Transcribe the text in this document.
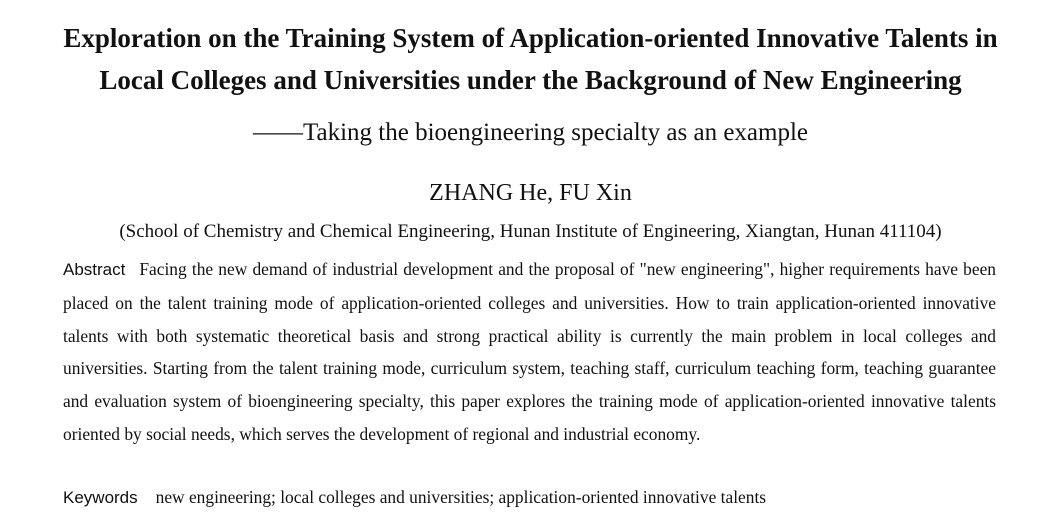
Exploration on the Training System of Application-oriented Innovative Talents in
Local Colleges and Universities under the Background of New Engineering
——Taking the bioengineering specialty as an example
ZHANG He, FU Xin
(School of Chemistry and Chemical Engineering, Hunan Institute of Engineering, Xiangtan, Hunan 411104)

Abstract Facing the new demand of industrial development and the proposal of "new engineering", higher requirements have been placed on the talent training mode of application-oriented colleges and universities. How to train application-oriented innovative talents with both systematic theoretical basis and strong practical ability is currently the main problem in local colleges and universities. Starting from the talent training mode, curriculum system, teaching staff, curriculum teaching form, teaching guarantee and evaluation system of bioengineering specialty, this paper explores the training mode of application-oriented innovative talents oriented by social needs, which serves the development of regional and industrial economy.

Keywords new engineering; local colleges and universities; application-oriented innovative talents
